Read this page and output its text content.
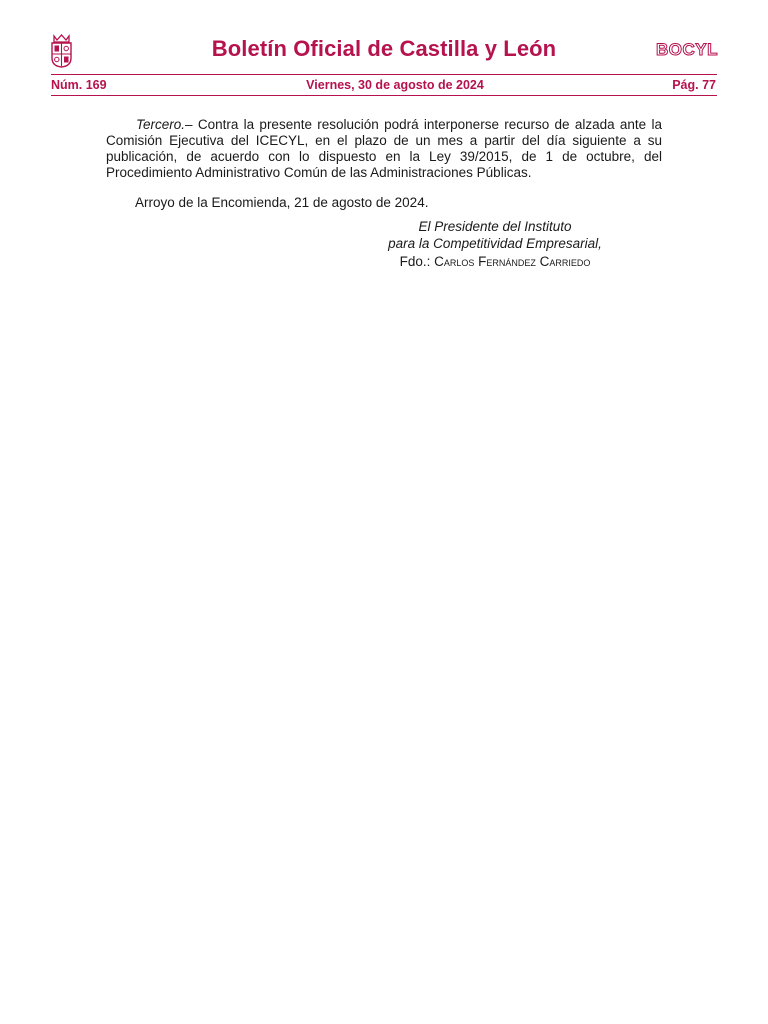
Boletín Oficial de Castilla y León	BOCYL
Núm. 169	Viernes, 30 de agosto de 2024	Pág. 77

Tercero.– Contra la presente resolución podrá interponerse recurso de alzada ante la Comisión Ejecutiva del ICECYL, en el plazo de un mes a partir del día siguiente a su publicación, de acuerdo con lo dispuesto en la Ley 39/2015, de 1 de octubre, del Procedimiento Administrativo Común de las Administraciones Públicas.

Arroyo de la Encomienda, 21 de agosto de 2024.
El Presidente del Instituto
para la Competitividad Empresarial,
Fdo.: Carlos Fernández Carriedo
